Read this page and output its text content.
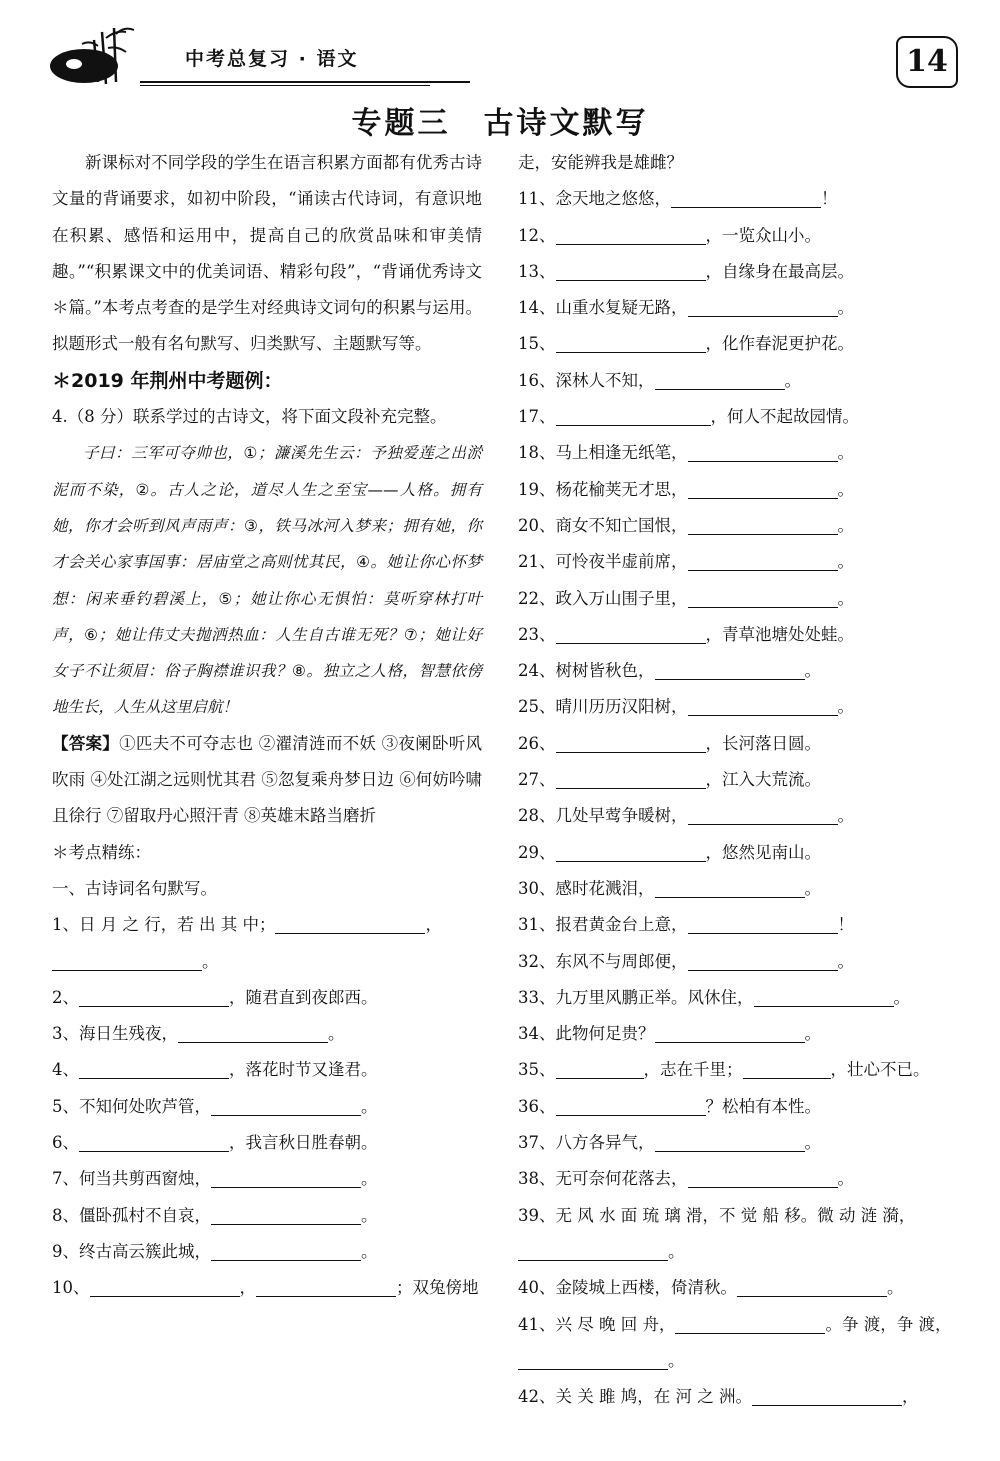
中考总复习 · 语文	14
专题三　古诗文默写

新课标对不同学段的学生在语言积累方面都有优秀古诗文量的背诵要求，如初中阶段，“诵读古代诗词，有意识地在积累、感悟和运用中，提高自己的欣赏品味和审美情趣。”“积累课文中的优美词语、精彩句段”，“背诵优秀诗文＊篇。”本考点考查的是学生对经典诗文词句的积累与运用。拟题形式一般有名句默写、归类默写、主题默写等。

＊2019 年荆州中考题例：
4.（8 分）联系学过的古诗文，将下面文段补充完整。

子曰：三军可夺帅也，①；濂溪先生云：予独爱莲之出淤泥而不染，②。古人之论，道尽人生之至宝——人格。拥有她，你才会听到风声雨声：③，铁马冰河入梦来；拥有她，你才会关心家事国事：居庙堂之高则忧其民，④。她让你心怀梦想：闲来垂钓碧溪上，⑤；她让你心无惧怕：莫听穿林打叶声，⑥；她让伟丈夫抛洒热血：人生自古谁无死？⑦；她让好女子不让须眉：俗子胸襟谁识我？⑧。独立之人格，智慧依傍地生长，人生从这里启航！

【答案】①匹夫不可夺志也 ②濯清涟而不妖 ③夜阑卧听风吹雨 ④处江湖之远则忧其君 ⑤忽复乘舟梦日边 ⑥何妨吟啸且徐行 ⑦留取丹心照汗青 ⑧英雄末路当磨折

＊考点精练：
一、古诗词名句默写。
1、日 月 之 行，若 出 其 中；	，
。
2、	，随君直到夜郎西。
3、海日生残夜，	。
4、	，落花时节又逢君。
5、不知何处吹芦管，	。
6、	，我言秋日胜春朝。
7、何当共剪西窗烛，	。
8、僵卧孤村不自哀，	。
9、终古高云簇此城，	。
10、	，	；双兔傍地
走，安能辨我是雄雌？
11、念天地之悠悠，	！
12、	，一览众山小。
13、	，自缘身在最高层。
14、山重水复疑无路，	。
15、	，化作春泥更护花。
16、深林人不知，	。
17、	，何人不起故园情。
18、马上相逢无纸笔，	。
19、杨花榆荚无才思，	。
20、商女不知亡国恨，	。
21、可怜夜半虚前席，	。
22、政入万山围子里，	。
23、	，青草池塘处处蛙。
24、树树皆秋色，	。
25、晴川历历汉阳树，	。
26、	，长河落日圆。
27、	，江入大荒流。
28、几处早莺争暖树，	。
29、	，悠然见南山。
30、感时花溅泪，	。
31、报君黄金台上意，	！
32、东风不与周郎便，	。
33、九万里风鹏正举。风休住，	。
34、此物何足贵？	。
35、	，志在千里；	，壮心不已。
36、	？松柏有本性。
37、八方各异气，	。
38、无可奈何花落去，	。
39、无 风 水 面 琉 璃 滑，不 觉 船 移。微 动 涟 漪，
。
40、金陵城上西楼，倚清秋。	。
41、兴 尽 晚 回 舟，	。争 渡，争 渡，
。
42、关 关 雎 鸠，在 河 之 洲。	，
